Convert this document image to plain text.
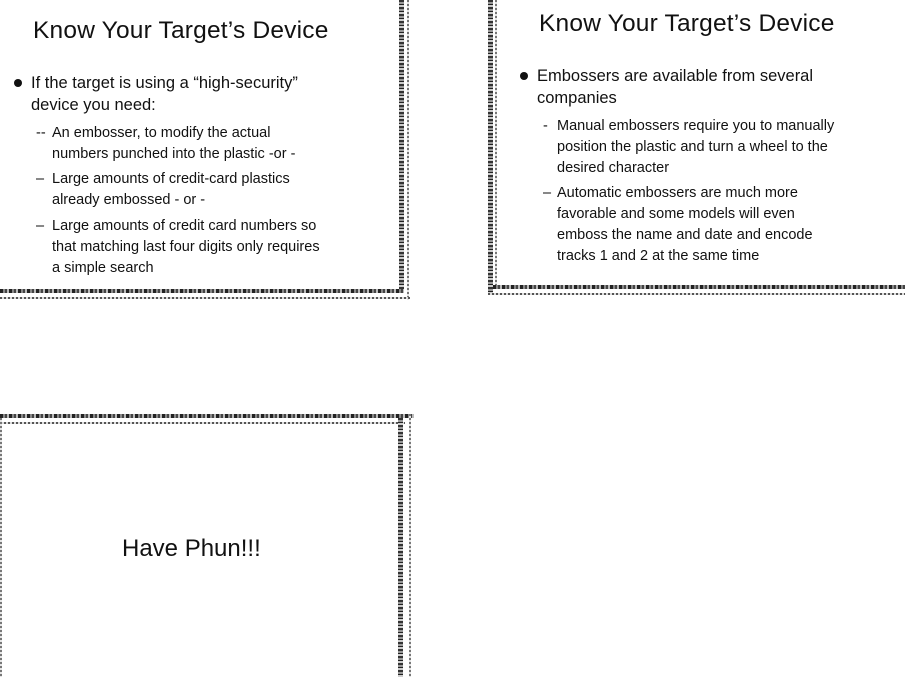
Know Your Target’s Device
If the target is using a “high-security”
device you need:
-- An embosser, to modify the actual
numbers punched into the plastic -or -
– Large amounts of credit-card plastics
already embossed - or -
– Large amounts of credit card numbers so
that matching last four digits only requires
a simple search
Know Your Target’s Device
Embossers are available from several
companies
- Manual embossers require you to manually
position the plastic and turn a wheel to the
desired character
– Automatic embossers are much more
favorable and some models will even
emboss the name and date and encode
tracks 1 and 2 at the same time
Have Phun!!!
